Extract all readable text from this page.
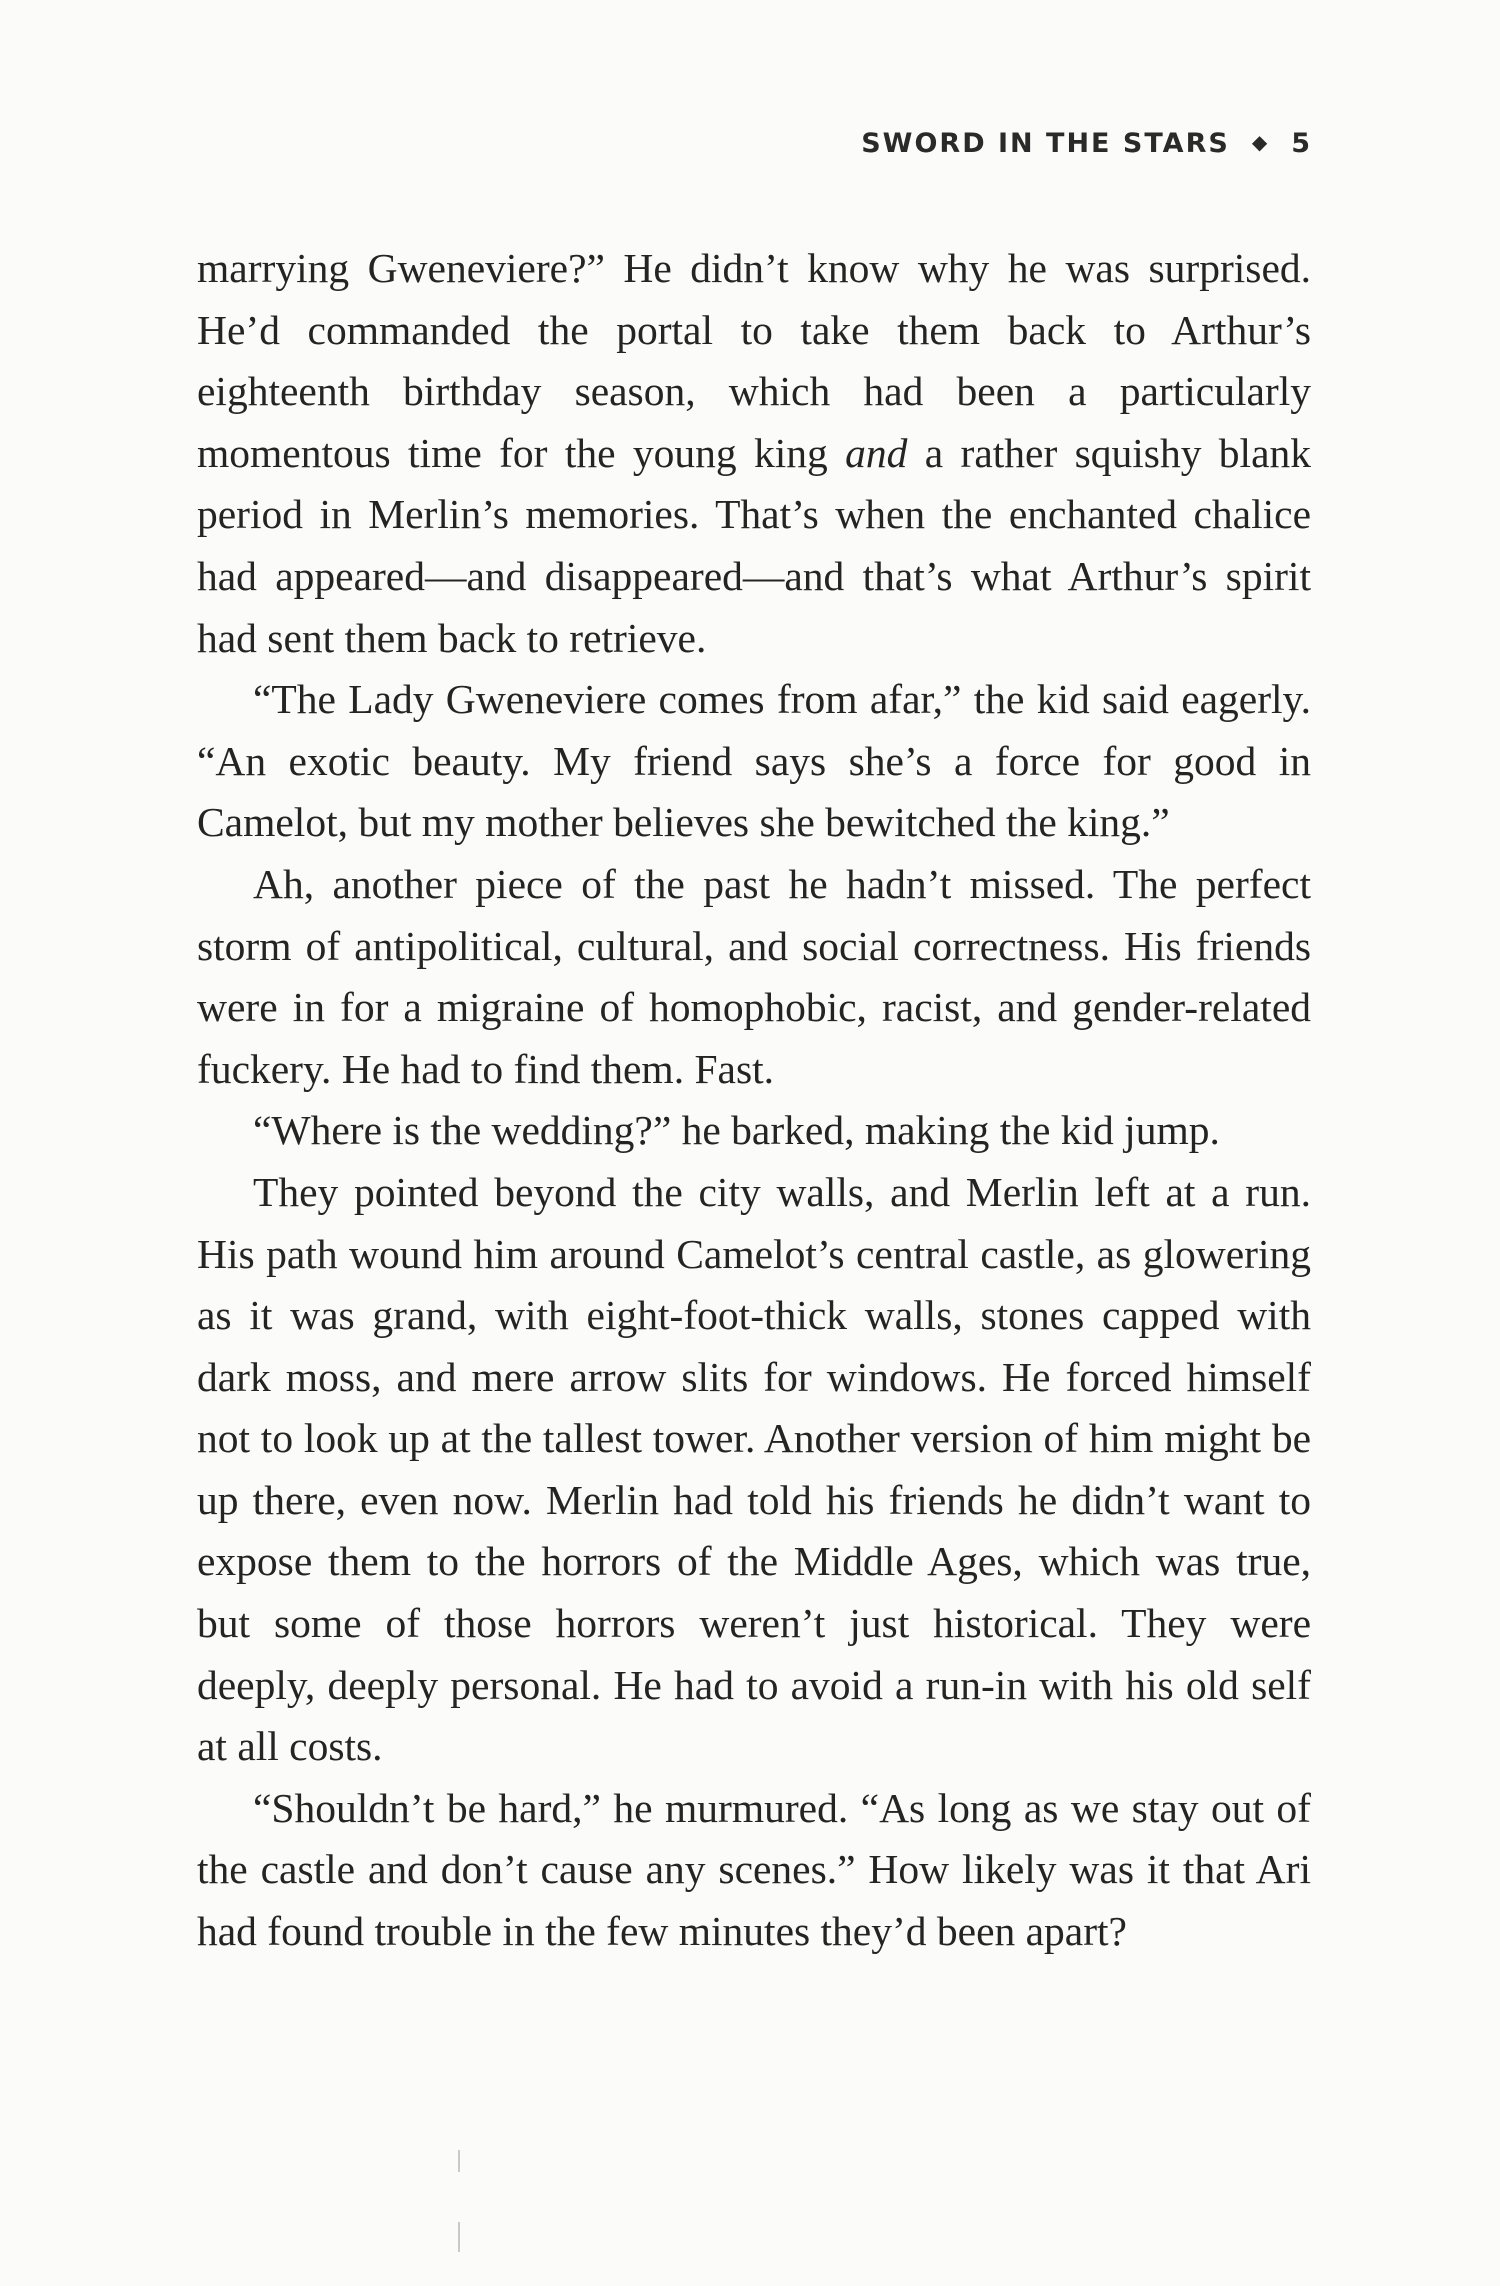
SWORD IN THE STARS ◆ 5

marrying Gweneviere?” He didn’t know why he was surprised. He’d commanded the portal to take them back to Arthur’s eighteenth birthday season, which had been a particularly momentous time for the young king and a rather squishy blank period in Merlin’s memories. That’s when the enchanted chalice had appeared—and disappeared—and that’s what Arthur’s spirit had sent them back to retrieve.

“The Lady Gweneviere comes from afar,” the kid said eagerly. “An exotic beauty. My friend says she’s a force for good in Camelot, but my mother believes she bewitched the king.”

Ah, another piece of the past he hadn’t missed. The perfect storm of antipolitical, cultural, and social correctness. His friends were in for a migraine of homophobic, racist, and gender-related fuckery. He had to find them. Fast.

“Where is the wedding?” he barked, making the kid jump.

They pointed beyond the city walls, and Merlin left at a run. His path wound him around Camelot’s central castle, as glowering as it was grand, with eight-foot-thick walls, stones capped with dark moss, and mere arrow slits for windows. He forced himself not to look up at the tallest tower. Another version of him might be up there, even now. Merlin had told his friends he didn’t want to expose them to the horrors of the Middle Ages, which was true, but some of those horrors weren’t just historical. They were deeply, deeply personal. He had to avoid a run-in with his old self at all costs.

“Shouldn’t be hard,” he murmured. “As long as we stay out of the castle and don’t cause any scenes.” How likely was it that Ari had found trouble in the few minutes they’d been apart?
